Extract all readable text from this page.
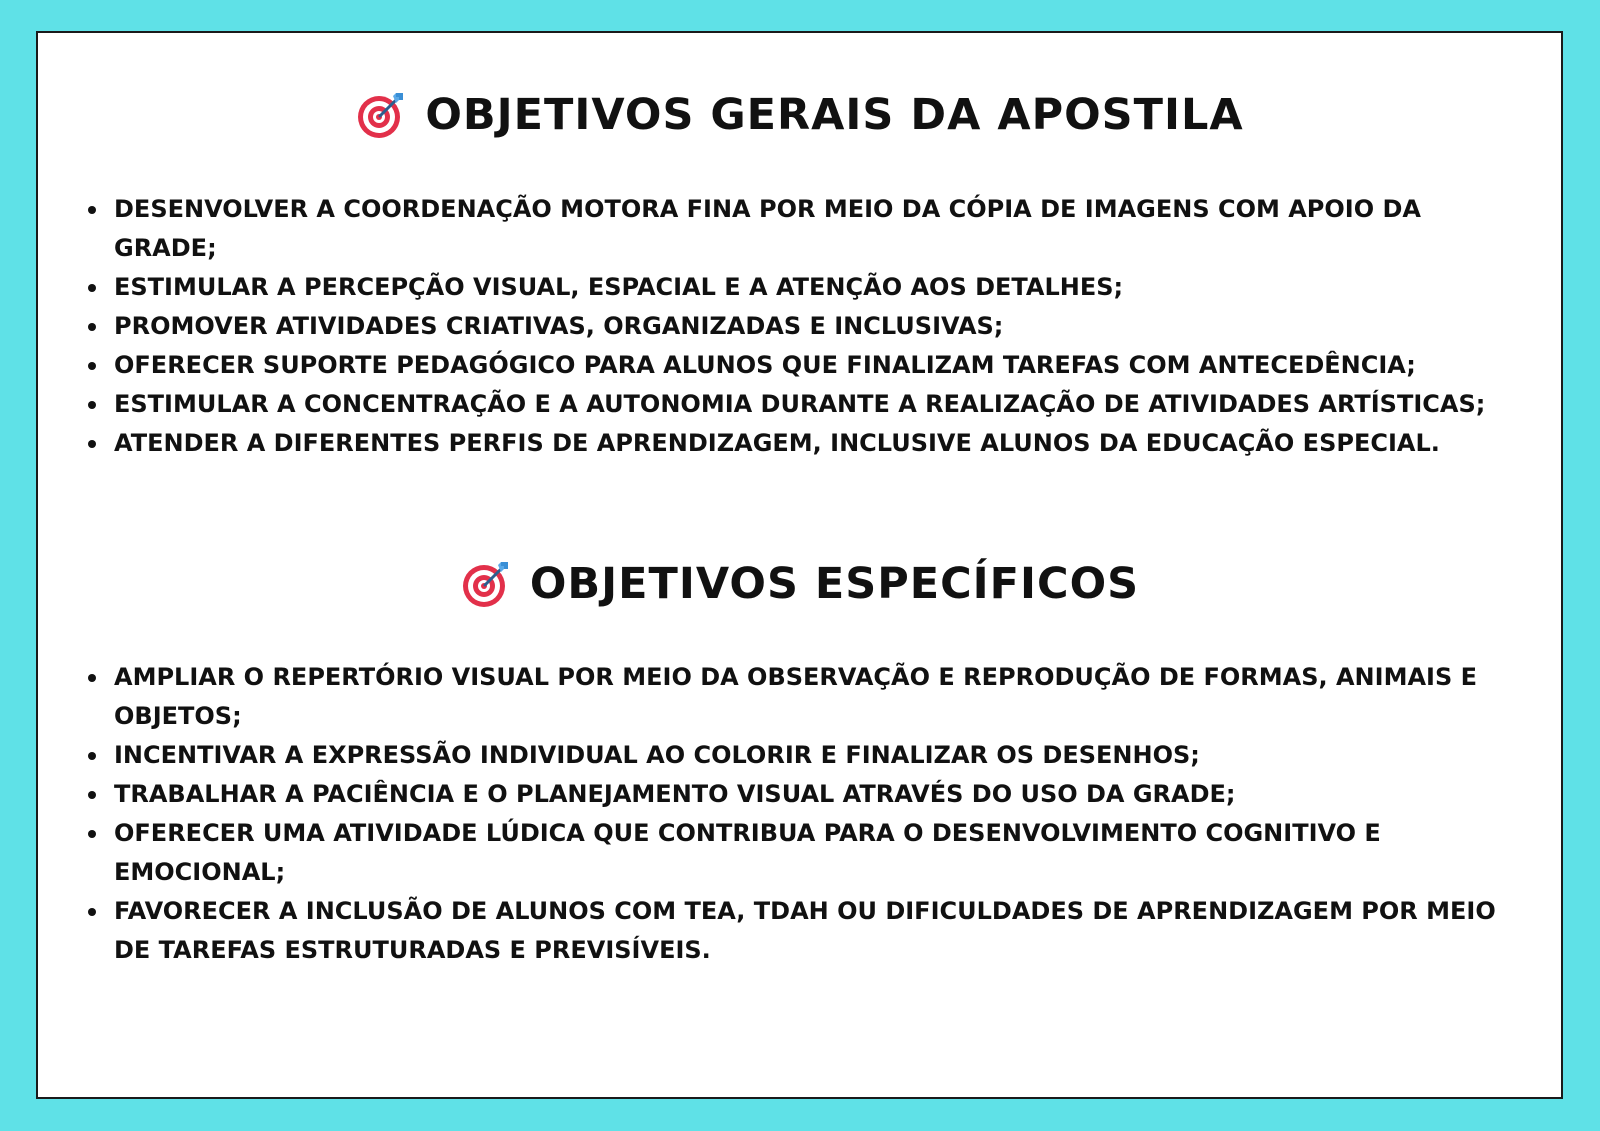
OBJETIVOS GERAIS DA APOSTILA
DESENVOLVER A COORDENAÇÃO MOTORA FINA POR MEIO DA CÓPIA DE IMAGENS COM APOIO DA GRADE;
ESTIMULAR A PERCEPÇÃO VISUAL, ESPACIAL E A ATENÇÃO AOS DETALHES;
PROMOVER ATIVIDADES CRIATIVAS, ORGANIZADAS E INCLUSIVAS;
OFERECER SUPORTE PEDAGÓGICO PARA ALUNOS QUE FINALIZAM TAREFAS COM ANTECEDÊNCIA;
ESTIMULAR A CONCENTRAÇÃO E A AUTONOMIA DURANTE A REALIZAÇÃO DE ATIVIDADES ARTÍSTICAS;
ATENDER A DIFERENTES PERFIS DE APRENDIZAGEM, INCLUSIVE ALUNOS DA EDUCAÇÃO ESPECIAL.
OBJETIVOS ESPECÍFICOS
AMPLIAR O REPERTÓRIO VISUAL POR MEIO DA OBSERVAÇÃO E REPRODUÇÃO DE FORMAS, ANIMAIS E OBJETOS;
INCENTIVAR A EXPRESSÃO INDIVIDUAL AO COLORIR E FINALIZAR OS DESENHOS;
TRABALHAR A PACIÊNCIA E O PLANEJAMENTO VISUAL ATRAVÉS DO USO DA GRADE;
OFERECER UMA ATIVIDADE LÚDICA QUE CONTRIBUA PARA O DESENVOLVIMENTO COGNITIVO E EMOCIONAL;
FAVORECER A INCLUSÃO DE ALUNOS COM TEA, TDAH OU DIFICULDADES DE APRENDIZAGEM POR MEIO DE TAREFAS ESTRUTURADAS E PREVISÍVEIS.
